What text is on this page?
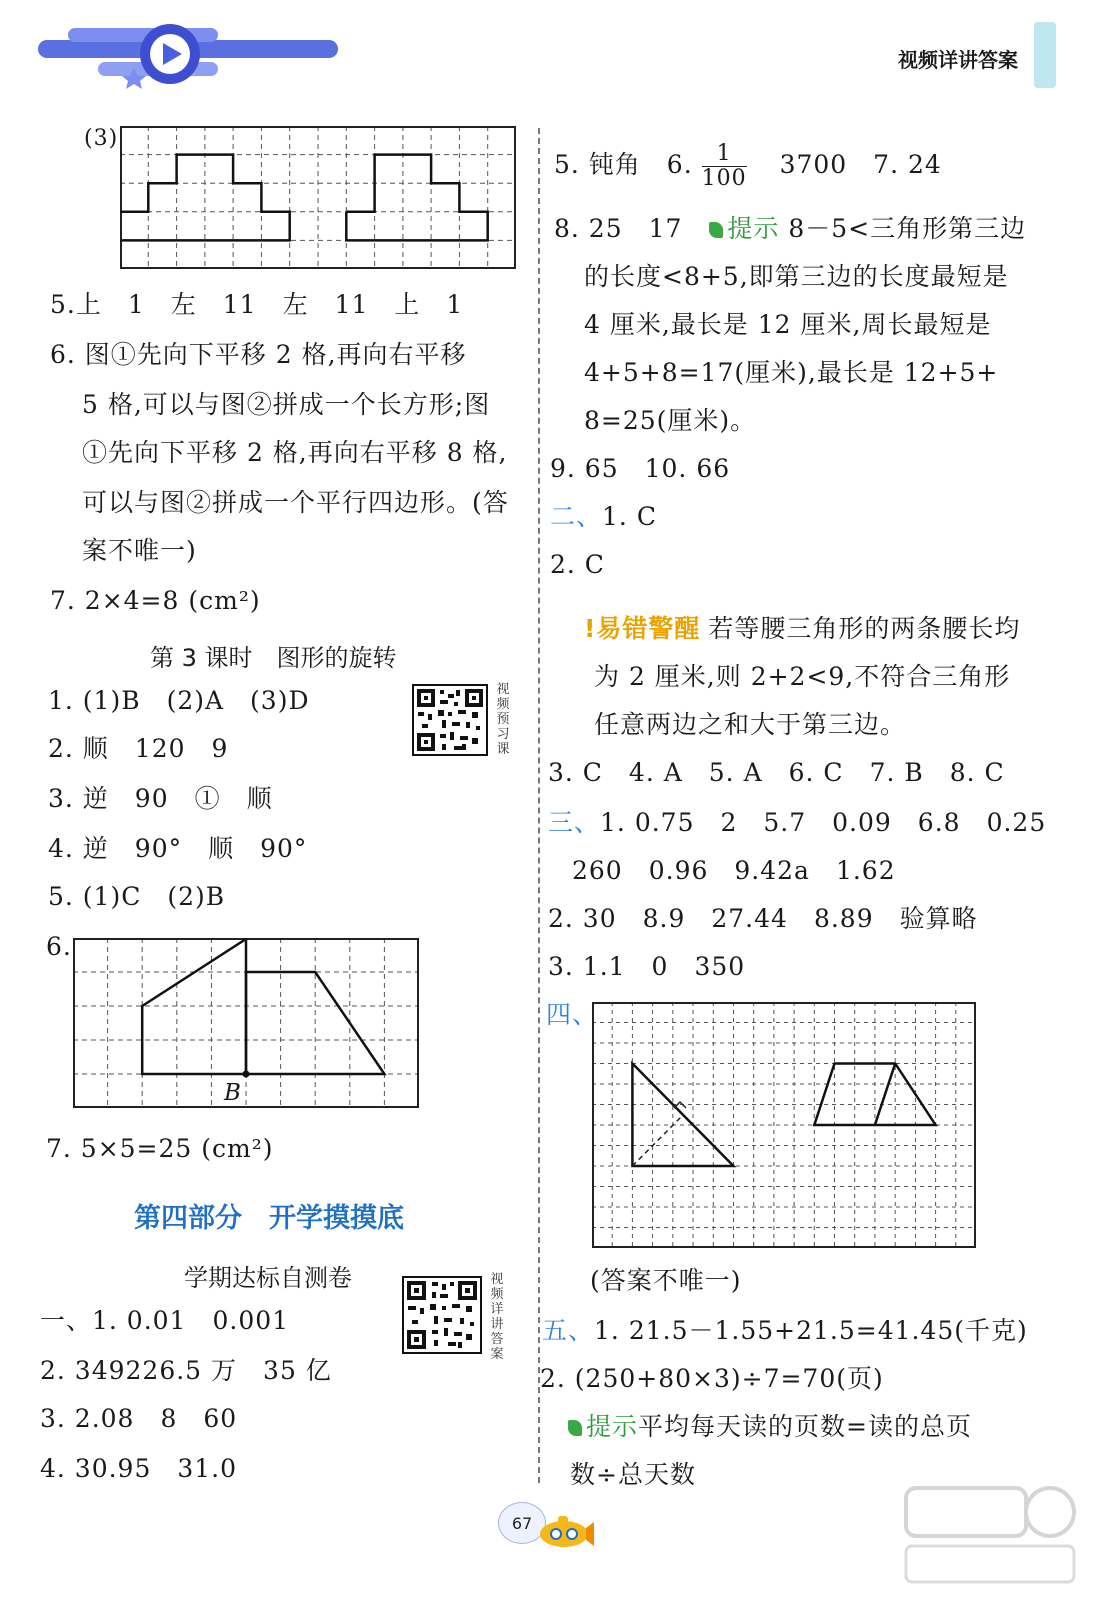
视频详讲答案
(3)
5.上　1　左　11　左　11　上　1
6. 图①先向下平移 2 格,再向右平移
5 格,可以与图②拼成一个长方形;图
①先向下平移 2 格,再向右平移 8 格,
可以与图②拼成一个平行四边形。(答
案不唯一)
7. 2×4=8 (cm²)
第 3 课时　图形的旋转
1. (1)B　(2)A　(3)D
2. 顺　120　9
3. 逆　90　①　顺
4. 逆　90°　顺　90°
5. (1)C　(2)B
视频预习课
6.
B
7. 5×5=25 (cm²)
第四部分　开学摸摸底
学期达标自测卷	视频详讲答案
一、1. 0.01　0.001
2. 349226.5 万　35 亿
3. 2.08　8　60
4. 30.95　31.0
5. 钝角　6. $\frac{1}{100} 3700$　7. 24
8. 25　17 提示 8－5<三角形第三边
的长度<8+5,即第三边的长度最短是
4 厘米,最长是 12 厘米,周长最短是
4+5+8=17(厘米),最长是 12+5+
8=25(厘米)。
9. 65　10. 66
二、1. C
2. C
!易错警醒 若等腰三角形的两条腰长均
为 2 厘米,则 2+2<9,不符合三角形
任意两边之和大于第三边。
3. C　4. A　5. A　6. C　7. B　8. C
三、1. 0.75　2　5.7　0.09　6.8　0.25
260　0.96　9.42a　1.62
2. 30　8.9　27.44　8.89　验算略
3. 1.1　0　350
四、
(答案不唯一)
五、1. 21.5－1.55+21.5=41.45(千克)
2. (250+80×3)÷7=70(页)
提示平均每天读的页数=读的总页
数÷总天数
67
